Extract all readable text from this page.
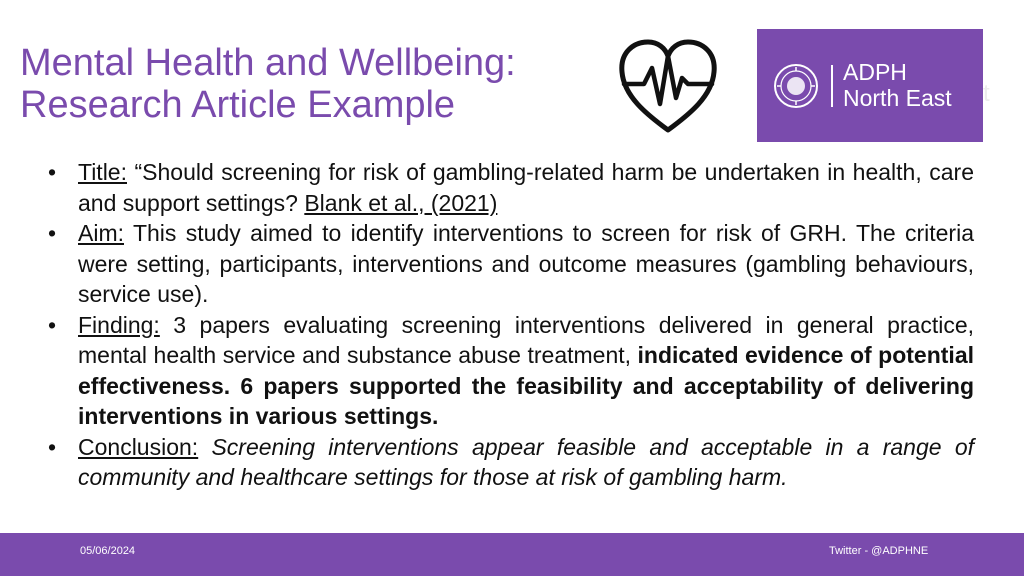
Mental Health and Wellbeing:
Research Article Example
ADPH
North East t
• Title: “Should screening for risk of gambling-related harm be undertaken in health, care and support settings? Blank et al., (2021)
• Aim: This study aimed to identify interventions to screen for risk of GRH. The criteria were setting, participants, interventions and outcome measures (gambling behaviours, service use).
• Finding: 3 papers evaluating screening interventions delivered in general practice, mental health service and substance abuse treatment, indicated evidence of potential effectiveness. 6 papers supported the feasibility and acceptability of delivering interventions in various settings.
• Conclusion: Screening interventions appear feasible and acceptable in a range of community and healthcare settings for those at risk of gambling harm.
05/06/2024	Twitter - @ADPHNE
